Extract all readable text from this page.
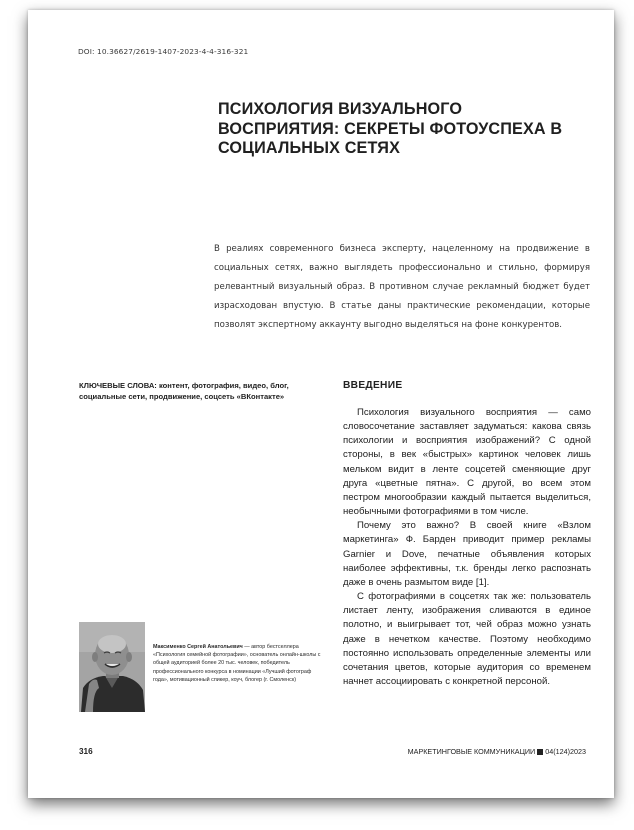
DOI: 10.36627/2619-1407-2023-4-4-316-321
ПСИХОЛОГИЯ ВИЗУАЛЬНОГО ВОСПРИЯТИЯ: СЕКРЕТЫ ФОТОУСПЕХА В СОЦИАЛЬНЫХ СЕТЯХ

В реалиях современного бизнеса эксперту, нацеленному на продвижение в социальных сетях, важно выглядеть профессионально и стильно, формируя релевантный визуальный образ. В противном случае рекламный бюджет будет израсходован впустую. В статье даны практические рекомендации, которые позволят экспертному аккаунту выгодно выделяться на фоне конкурентов.

КЛЮЧЕВЫЕ СЛОВА: контент, фотография, видео, блог, социальные сети, продвижение, соцсеть «ВКонтакте»

ВВЕДЕНИЕ

Психология визуального восприятия — само словосочетание заставляет задуматься: какова связь психологии и восприятия изображений? С одной стороны, в век «быстрых» картинок человек лишь мельком видит в ленте соцсетей сменяющие друг друга «цветные пятна». С другой, во всем этом пестром многообразии каждый пытается выделиться, необычными фотографиями в том числе.

Почему это важно? В своей книге «Взлом маркетинга» Ф. Барден приводит пример рекламы Garnier и Dove, печатные объявления которых наиболее эффективны, т.к. бренды легко распознать даже в очень размытом виде [1].

С фотографиями в соцсетях так же: пользователь листает ленту, изображения сливаются в единое полотно, и выигрывает тот, чей образ можно узнать даже в нечетком качестве. Поэтому необходимо постоянно использовать определенные элементы или сочетания цветов, которые аудитория со временем начнет ассоциировать с конкретной персоной.

Максименко Сергей Анатольевич — автор бестселлера «Психология семейной фотографии», основатель онлайн-школы с общей аудиторией более 20 тыс. человек, победитель профессионального конкурса в номинации «Лучший фотограф года», мотивационный спикер, коуч, блогер (г. Смоленск)

316	МАРКЕТИНГОВЫЕ КОММУНИКАЦИИ 04(124)2023
